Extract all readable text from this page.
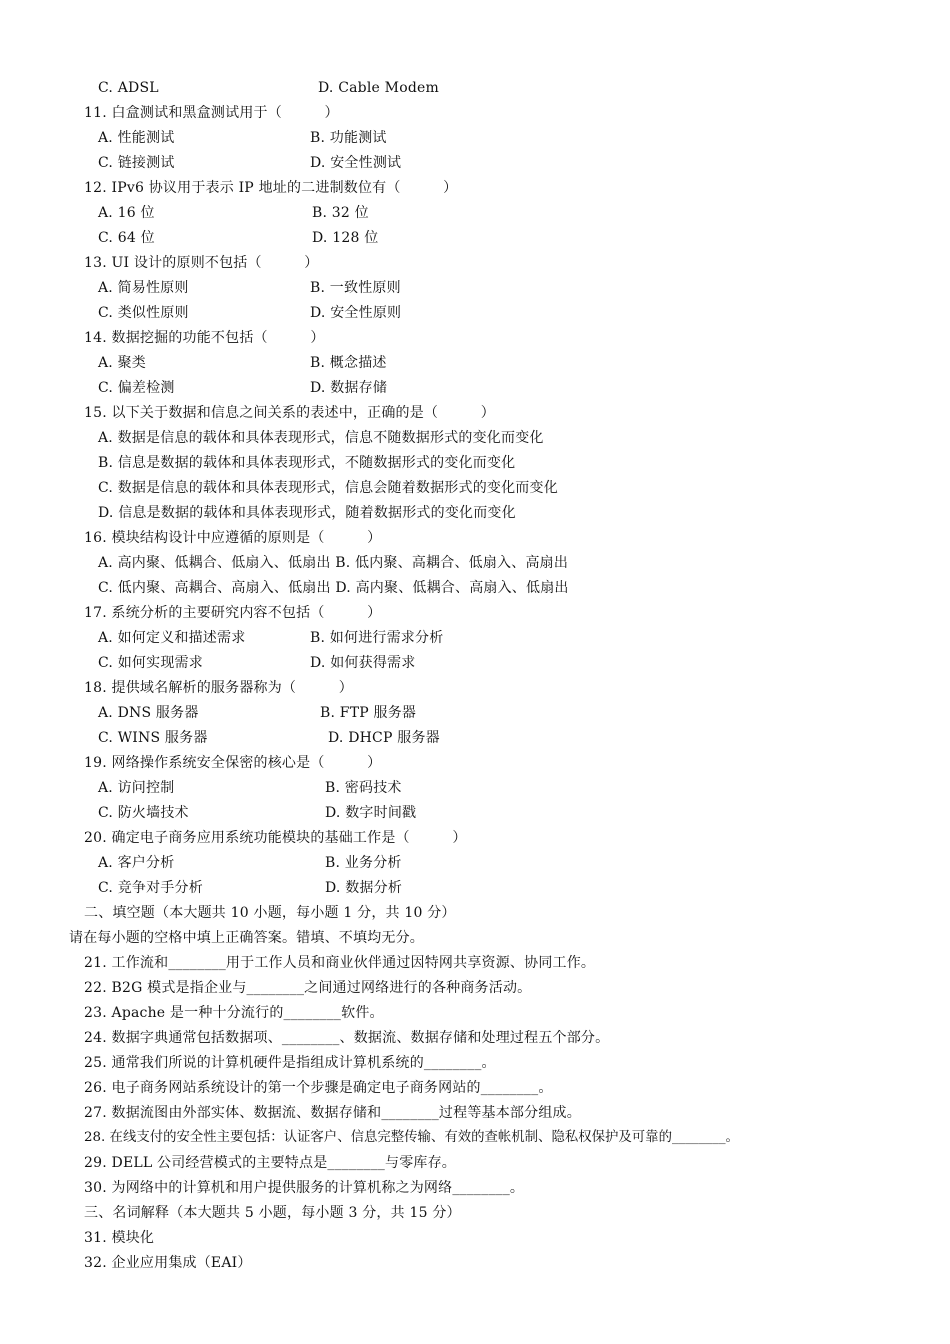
C. ADSL	D. Cable Modem
11. 白盒测试和黑盒测试用于（　　　）
A. 性能测试	B. 功能测试
C. 链接测试	D. 安全性测试
12. IPv6 协议用于表示 IP 地址的二进制数位有（　　　）
A. 16 位	B. 32 位
C. 64 位	D. 128 位
13. UI 设计的原则不包括（　　　）
A. 简易性原则	B. 一致性原则
C. 类似性原则	D. 安全性原则
14. 数据挖掘的功能不包括（　　　）
A. 聚类	B. 概念描述
C. 偏差检测	D. 数据存储
15. 以下关于数据和信息之间关系的表述中，正确的是（　　　）
A. 数据是信息的载体和具体表现形式，信息不随数据形式的变化而变化
B. 信息是数据的载体和具体表现形式，不随数据形式的变化而变化
C. 数据是信息的载体和具体表现形式，信息会随着数据形式的变化而变化
D. 信息是数据的载体和具体表现形式，随着数据形式的变化而变化
16. 模块结构设计中应遵循的原则是（　　　）
A. 高内聚、低耦合、低扇入、低扇出 B. 低内聚、高耦合、低扇入、高扇出
C. 低内聚、高耦合、高扇入、低扇出 D. 高内聚、低耦合、高扇入、低扇出
17. 系统分析的主要研究内容不包括（　　　）
A. 如何定义和描述需求	B. 如何进行需求分析
C. 如何实现需求	D. 如何获得需求
18. 提供域名解析的服务器称为（　　　）
A. DNS 服务器	B. FTP 服务器
C. WINS 服务器	D. DHCP 服务器
19. 网络操作系统安全保密的核心是（　　　）
A. 访问控制	B. 密码技术
C. 防火墙技术	D. 数字时间戳
20. 确定电子商务应用系统功能模块的基础工作是（　　　）
A. 客户分析	B. 业务分析
C. 竞争对手分析	D. 数据分析
二、填空题（本大题共 10 小题，每小题 1 分，共 10 分）
请在每小题的空格中填上正确答案。错填、不填均无分。
21. 工作流和________用于工作人员和商业伙伴通过因特网共享资源、协同工作。
22. B2G 模式是指企业与________之间通过网络进行的各种商务活动。
23. Apache 是一种十分流行的________软件。
24. 数据字典通常包括数据项、________、数据流、数据存储和处理过程五个部分。
25. 通常我们所说的计算机硬件是指组成计算机系统的________。
26. 电子商务网站系统设计的第一个步骤是确定电子商务网站的________。
27. 数据流图由外部实体、数据流、数据存储和________过程等基本部分组成。
28. 在线支付的安全性主要包括：认证客户、信息完整传输、有效的查帐机制、隐私权保护及可靠的________。
29. DELL 公司经营模式的主要特点是________与零库存。
30. 为网络中的计算机和用户提供服务的计算机称之为网络________。
三、名词解释（本大题共 5 小题，每小题 3 分，共 15 分）
31. 模块化
32. 企业应用集成（EAI）
